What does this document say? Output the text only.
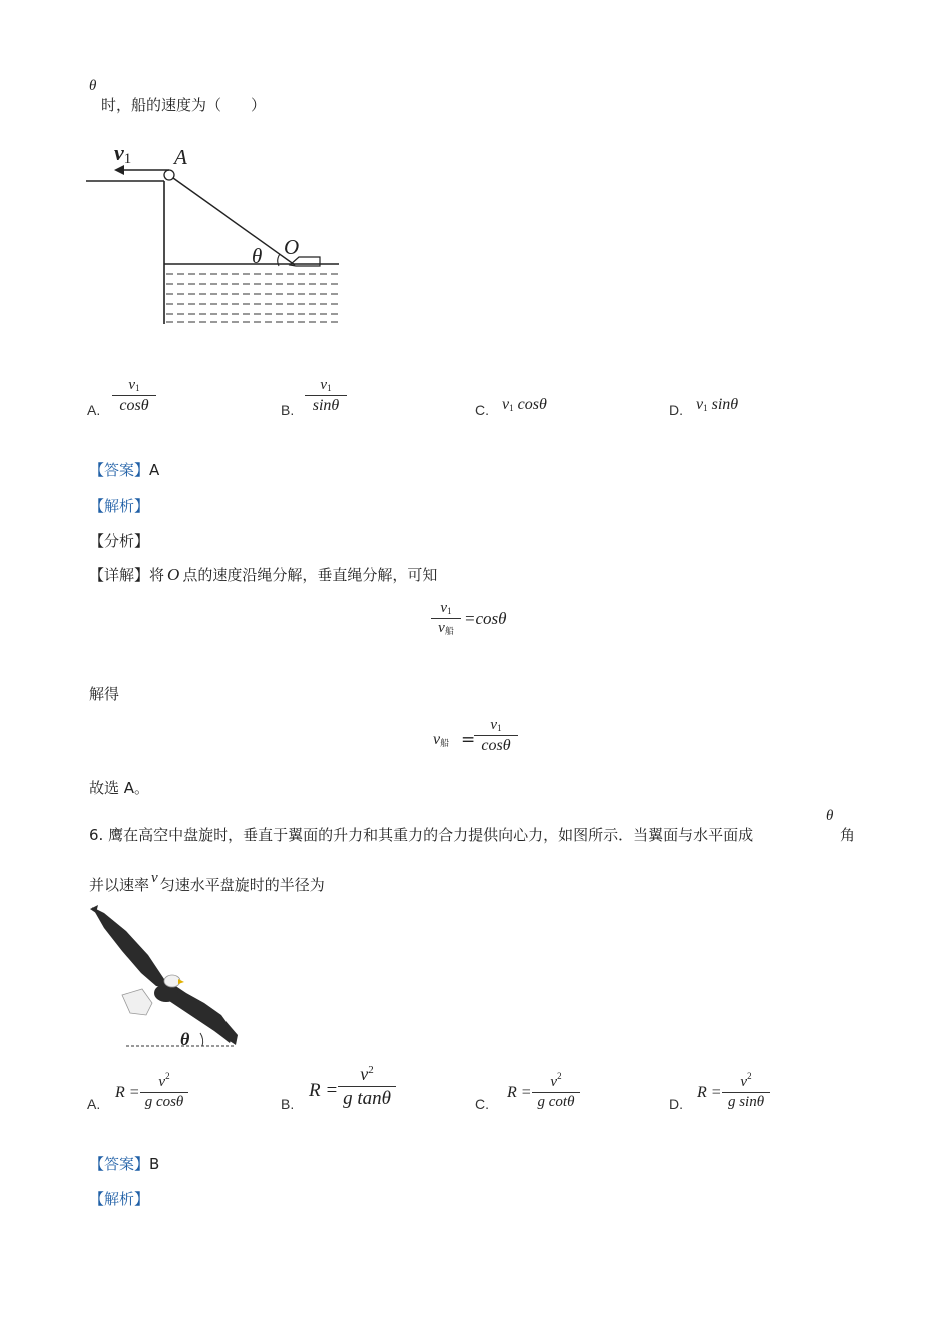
θ
时，船的速度为（　　）
v1 A
O
θ
A.
$v_1$
cosθ	B.
$v_1$
sinθ	C. $v_1$ cosθ	D. $v_1$ sinθ
【答案】A
【解析】
【分析】
【详解】将 O 点的速度沿绳分解，垂直绳分解，可知
$v_1$
$v_船$
=cosθ
解得
$v_船$ =
$v_1$
cosθ
故选 A。
6. 鹰在高空中盘旋时，垂直于翼面的升力和其重力的合力提供向心力，如图所示．当翼面与水平面成
θ
角
并以速率 v 匀速水平盘旋时的半径为
θ
A.
R =
$v^2$
g cosθ	B.
R =
$v^2$
g tanθ	C.
R =
$v^2$
g cotθ	D.
R =
$v^2$
g sinθ
【答案】B
【解析】
